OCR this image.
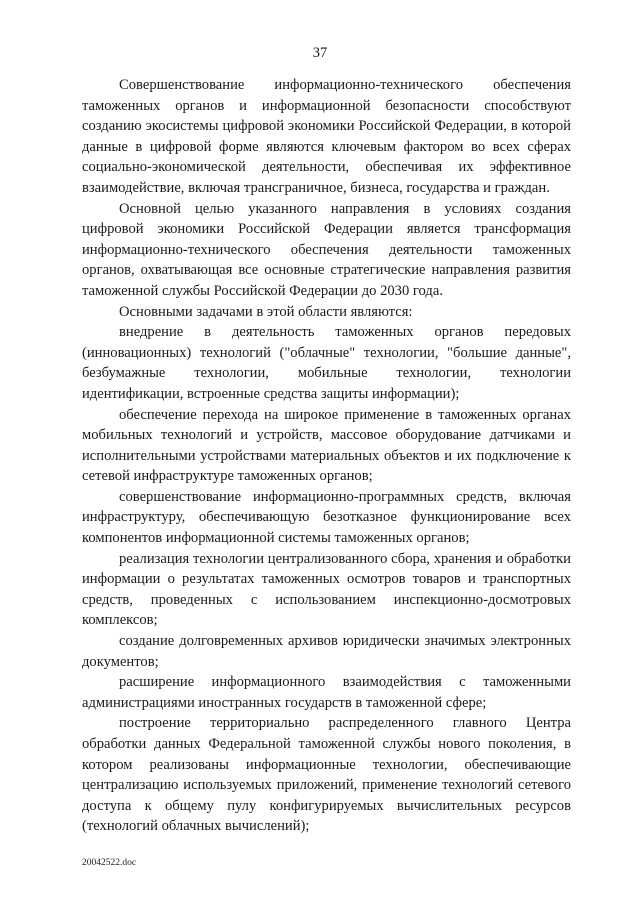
37

Совершенствование информационно-технического обеспечения таможенных органов и информационной безопасности способствуют созданию экосистемы цифровой экономики Российской Федерации, в которой данные в цифровой форме являются ключевым фактором во всех сферах социально-экономической деятельности, обеспечивая их эффективное взаимодействие, включая трансграничное, бизнеса, государства и граждан.

Основной целью указанного направления в условиях создания цифровой экономики Российской Федерации является трансформация информационно-технического обеспечения деятельности таможенных органов, охватывающая все основные стратегические направления развития таможенной службы Российской Федерации до 2030 года.

Основными задачами в этой области являются:

внедрение в деятельность таможенных органов передовых (инновационных) технологий ("облачные" технологии, "большие данные", безбумажные технологии, мобильные технологии, технологии идентификации, встроенные средства защиты информации);

обеспечение перехода на широкое применение в таможенных органах мобильных технологий и устройств, массовое оборудование датчиками и исполнительными устройствами материальных объектов и их подключение к сетевой инфраструктуре таможенных органов;

совершенствование информационно-программных средств, включая инфраструктуру, обеспечивающую безотказное функционирование всех компонентов информационной системы таможенных органов;

реализация технологии централизованного сбора, хранения и обработки информации о результатах таможенных осмотров товаров и транспортных средств, проведенных с использованием инспекционно-досмотровых комплексов;

создание долговременных архивов юридически значимых электронных документов;

расширение информационного взаимодействия с таможенными администрациями иностранных государств в таможенной сфере;

построение территориально распределенного главного Центра обработки данных Федеральной таможенной службы нового поколения, в котором реализованы информационные технологии, обеспечивающие централизацию используемых приложений, применение технологий сетевого доступа к общему пулу конфигурируемых вычислительных ресурсов (технологий облачных вычислений);

20042522.doc
